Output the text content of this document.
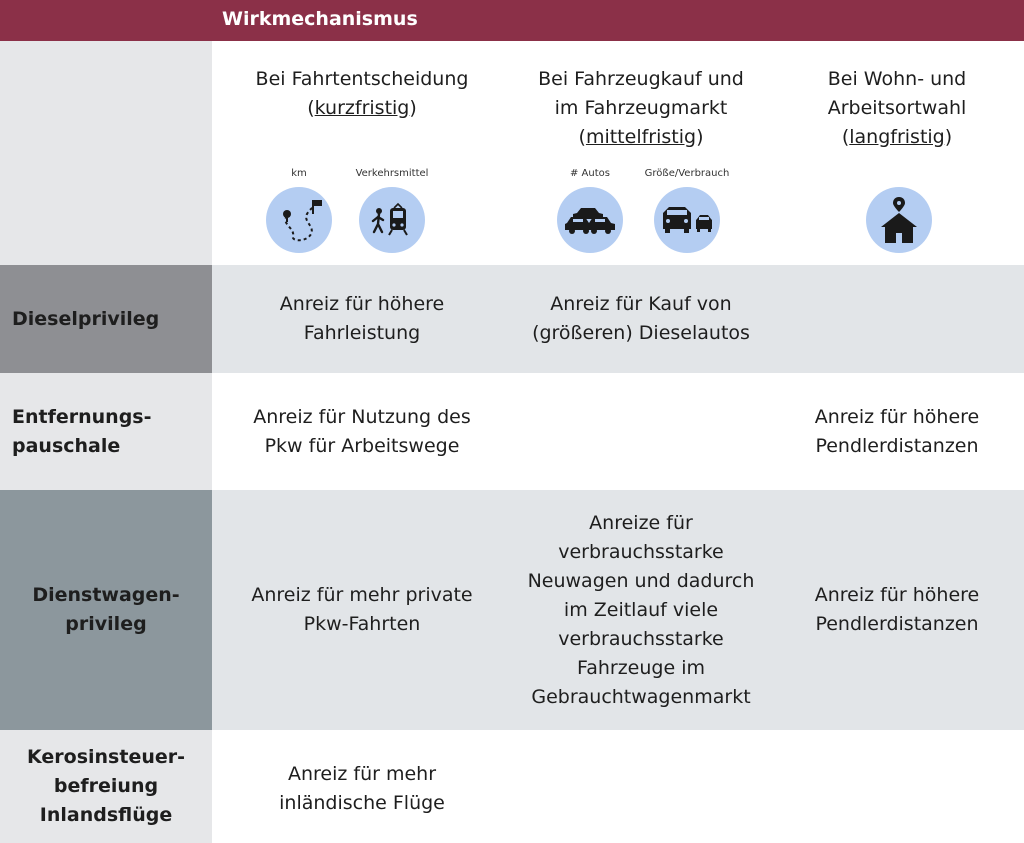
Wirkmechanismus
Bei Fahrtentscheidung
(kurzfristig)
km	Verkehrsmittel
Bei Fahrzeugkauf und
im Fahrzeugmarkt
(mittelfristig)
# Autos	Größe/Verbrauch
Bei Wohn- und
Arbeitsortwahl
(langfristig)
Dieselprivileg
Anreiz für höhere
Fahrleistung
Anreiz für Kauf von
(größeren) Dieselautos
Entfernungs-
pauschale
Anreiz für Nutzung des
Pkw für Arbeitswege
Anreiz für höhere
Pendlerdistanzen
Dienstwagen-
privileg
Anreiz für mehr private
Pkw-Fahrten
Anreize für
verbrauchsstarke
Neuwagen und dadurch
im Zeitlauf viele
verbrauchsstarke
Fahrzeuge im
Gebrauchtwagenmarkt
Anreiz für höhere
Pendlerdistanzen
Kerosinsteuer-
befreiung
Inlandsflüge
Anreiz für mehr
inländische Flüge
